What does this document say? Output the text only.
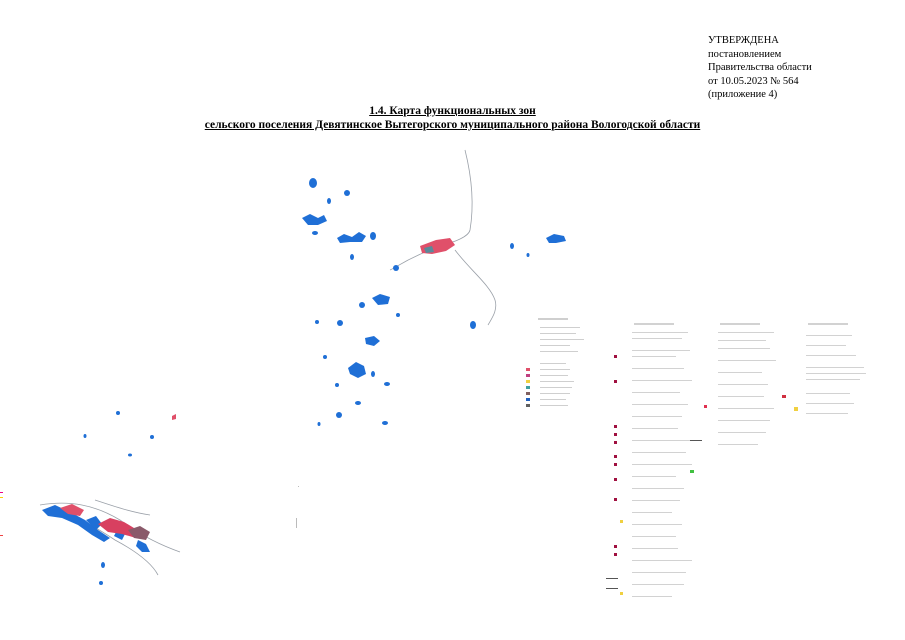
УТВЕРЖДЕНА
постановлением
Правительства области
от 10.05.2023 № 564
(приложение 4)
1.4. Карта функциональных зон
сельского поселения Девятинское Вытегорского муниципального района Вологодской области
